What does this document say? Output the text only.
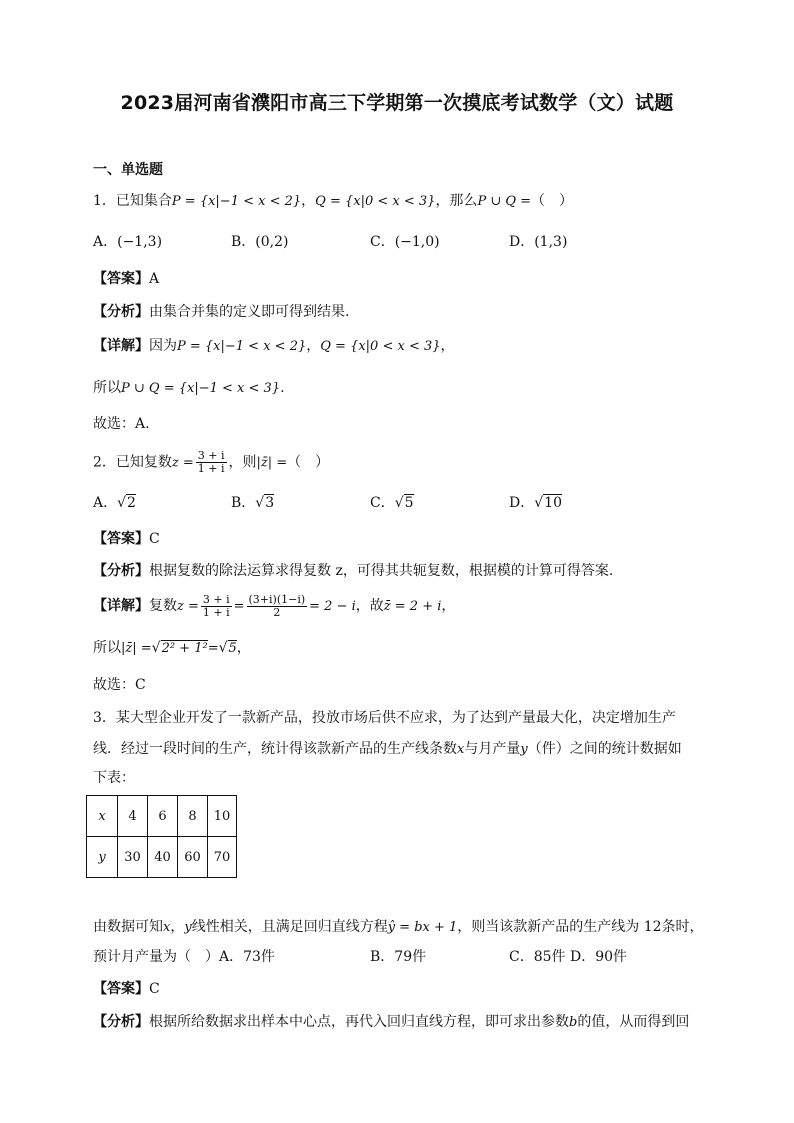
2023届河南省濮阳市高三下学期第一次摸底考试数学（文）试题
一、单选题
1．已知集合P = {x|−1 < x < 2}，Q = {x|0 < x < 3}，那么P ∪ Q =（　）
A．(−1,3)	B．(0,2)	C．(−1,0)	D．(1,3)
【答案】A
【分析】由集合并集的定义即可得到结果.
【详解】因为P = {x|−1 < x < 2}，Q = {x|0 < x < 3}，
所以P ∪ Q = {x|−1 < x < 3}.
故选：A.
2．已知复数$z = \frac{3 + i}{1 + i}$ ，则|z̄| =（　）
A．√2	B．√3	C．√5	D．√10
【答案】C
【分析】根据复数的除法运算求得复数 z，可得其共轭复数，根据模的计算可得答案.
【详解】复数$z = \frac{3 + i}{1 + i} = \frac{(3+i)(1-i)}{2} = 2 - i$，故z̄ = 2 + i，
所以|z̄| =√2² + 1²=√5，
故选：C
3．某大型企业开发了一款新产品，投放市场后供不应求，为了达到产量最大化，决定增加生产
线．经过一段时间的生产，统计得该款新产品的生产线条数x与月产量y（件）之间的统计数据如
下表：
x	4	6	8	10
y	30	40	60	70
由数据可知x，y线性相关，且满足回归直线方程ŷ = bx + 1，则当该款新产品的生产线为 12条时，
预计月产量为（　）A．73件	B．79件	C．85件 D．90件
【答案】C
【分析】根据所给数据求出样本中心点，再代入回归直线方程，即可求出参数b的值，从而得到回
